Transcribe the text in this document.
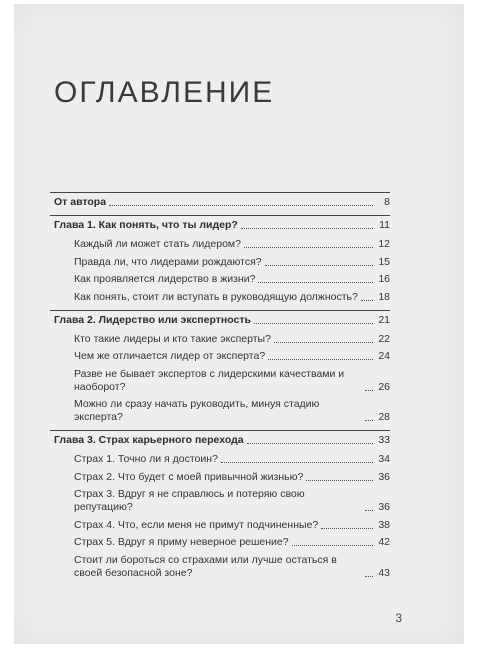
ОГЛАВЛЕНИЕ
От автора	8
Глава 1. Как понять, что ты лидер?	11
Каждый ли может стать лидером?	12
Правда ли, что лидерами рождаются?	15
Как проявляется лидерство в жизни?	16
Как понять, стоит ли вступать в руководящую должность? 18
Глава 2. Лидерство или экспертность	21
Кто такие лидеры и кто такие эксперты?	22
Чем же отличается лидер от эксперта?	24
Разве не бывает экспертов с лидерскими качествами и наоборот?	26
Можно ли сразу начать руководить, минуя стадию эксперта?	28
Глава 3. Страх карьерного перехода	33
Страх 1. Точно ли я достоин?	34
Страх 2. Что будет с моей привычной жизнью?	36
Страх 3. Вдруг я не справлюсь и потеряю свою репутацию?	36
Страх 4. Что, если меня не примут подчиненные?	38
Страх 5. Вдруг я приму неверное решение?	42
Стоит ли бороться со страхами или лучше остаться в своей безопасной зоне?	43
3
